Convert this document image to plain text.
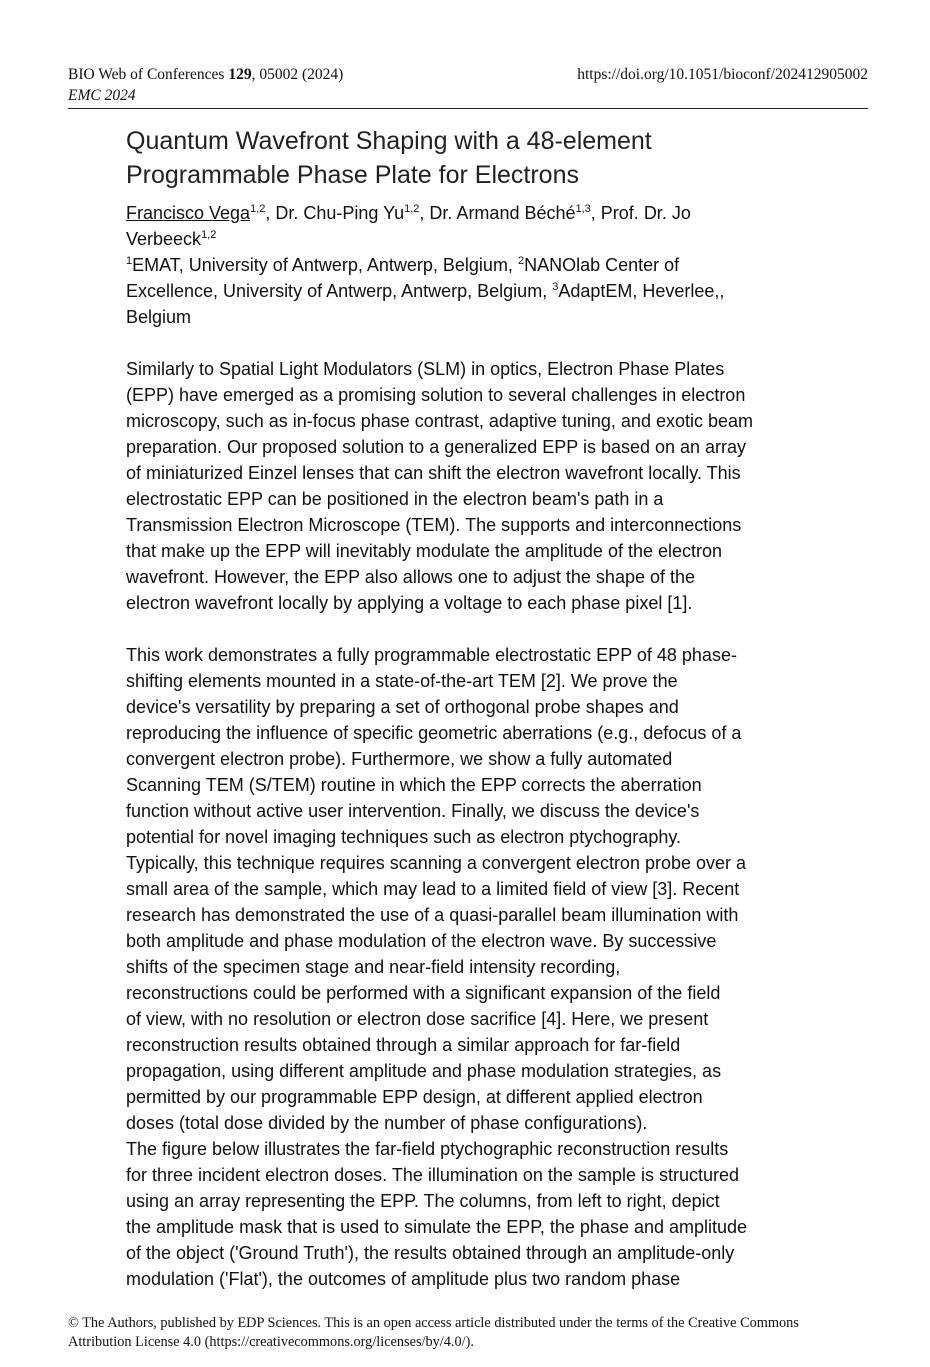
BIO Web of Conferences 129, 05002 (2024)	https://doi.org/10.1051/bioconf/202412905002
EMC 2024
Quantum Wavefront Shaping with a 48-element
Programmable Phase Plate for Electrons
Francisco Vega$^{1,2}$, Dr. Chu-Ping Yu$^{1,2}$, Dr. Armand Béché$^{1,3}$, Prof. Dr. Jo
Verbeeck$^{1,2}$
$^1$EMAT, University of Antwerp, Antwerp, Belgium, $^2$NANOlab Center of
Excellence, University of Antwerp, Antwerp, Belgium, $^3$AdaptEM, Heverlee,,
Belgium

Similarly to Spatial Light Modulators (SLM) in optics, Electron Phase Plates
(EPP) have emerged as a promising solution to several challenges in electron
microscopy, such as in-focus phase contrast, adaptive tuning, and exotic beam
preparation. Our proposed solution to a generalized EPP is based on an array
of miniaturized Einzel lenses that can shift the electron wavefront locally. This
electrostatic EPP can be positioned in the electron beam's path in a
Transmission Electron Microscope (TEM). The supports and interconnections
that make up the EPP will inevitably modulate the amplitude of the electron
wavefront. However, the EPP also allows one to adjust the shape of the
electron wavefront locally by applying a voltage to each phase pixel [1].

This work demonstrates a fully programmable electrostatic EPP of 48 phase-
shifting elements mounted in a state-of-the-art TEM [2]. We prove the
device's versatility by preparing a set of orthogonal probe shapes and
reproducing the influence of specific geometric aberrations (e.g., defocus of a
convergent electron probe). Furthermore, we show a fully automated
Scanning TEM (S/TEM) routine in which the EPP corrects the aberration
function without active user intervention. Finally, we discuss the device's
potential for novel imaging techniques such as electron ptychography.
Typically, this technique requires scanning a convergent electron probe over a
small area of the sample, which may lead to a limited field of view [3]. Recent
research has demonstrated the use of a quasi-parallel beam illumination with
both amplitude and phase modulation of the electron wave. By successive
shifts of the specimen stage and near-field intensity recording,
reconstructions could be performed with a significant expansion of the field
of view, with no resolution or electron dose sacrifice [4]. Here, we present
reconstruction results obtained through a similar approach for far-field
propagation, using different amplitude and phase modulation strategies, as
permitted by our programmable EPP design, at different applied electron
doses (total dose divided by the number of phase configurations).
The figure below illustrates the far-field ptychographic reconstruction results
for three incident electron doses. The illumination on the sample is structured
using an array representing the EPP. The columns, from left to right, depict
the amplitude mask that is used to simulate the EPP, the phase and amplitude
of the object ('Ground Truth'), the results obtained through an amplitude-only
modulation ('Flat'), the outcomes of amplitude plus two random phase

© The Authors, published by EDP Sciences. This is an open access article distributed under the terms of the Creative Commons
Attribution License 4.0 (https://creativecommons.org/licenses/by/4.0/).
